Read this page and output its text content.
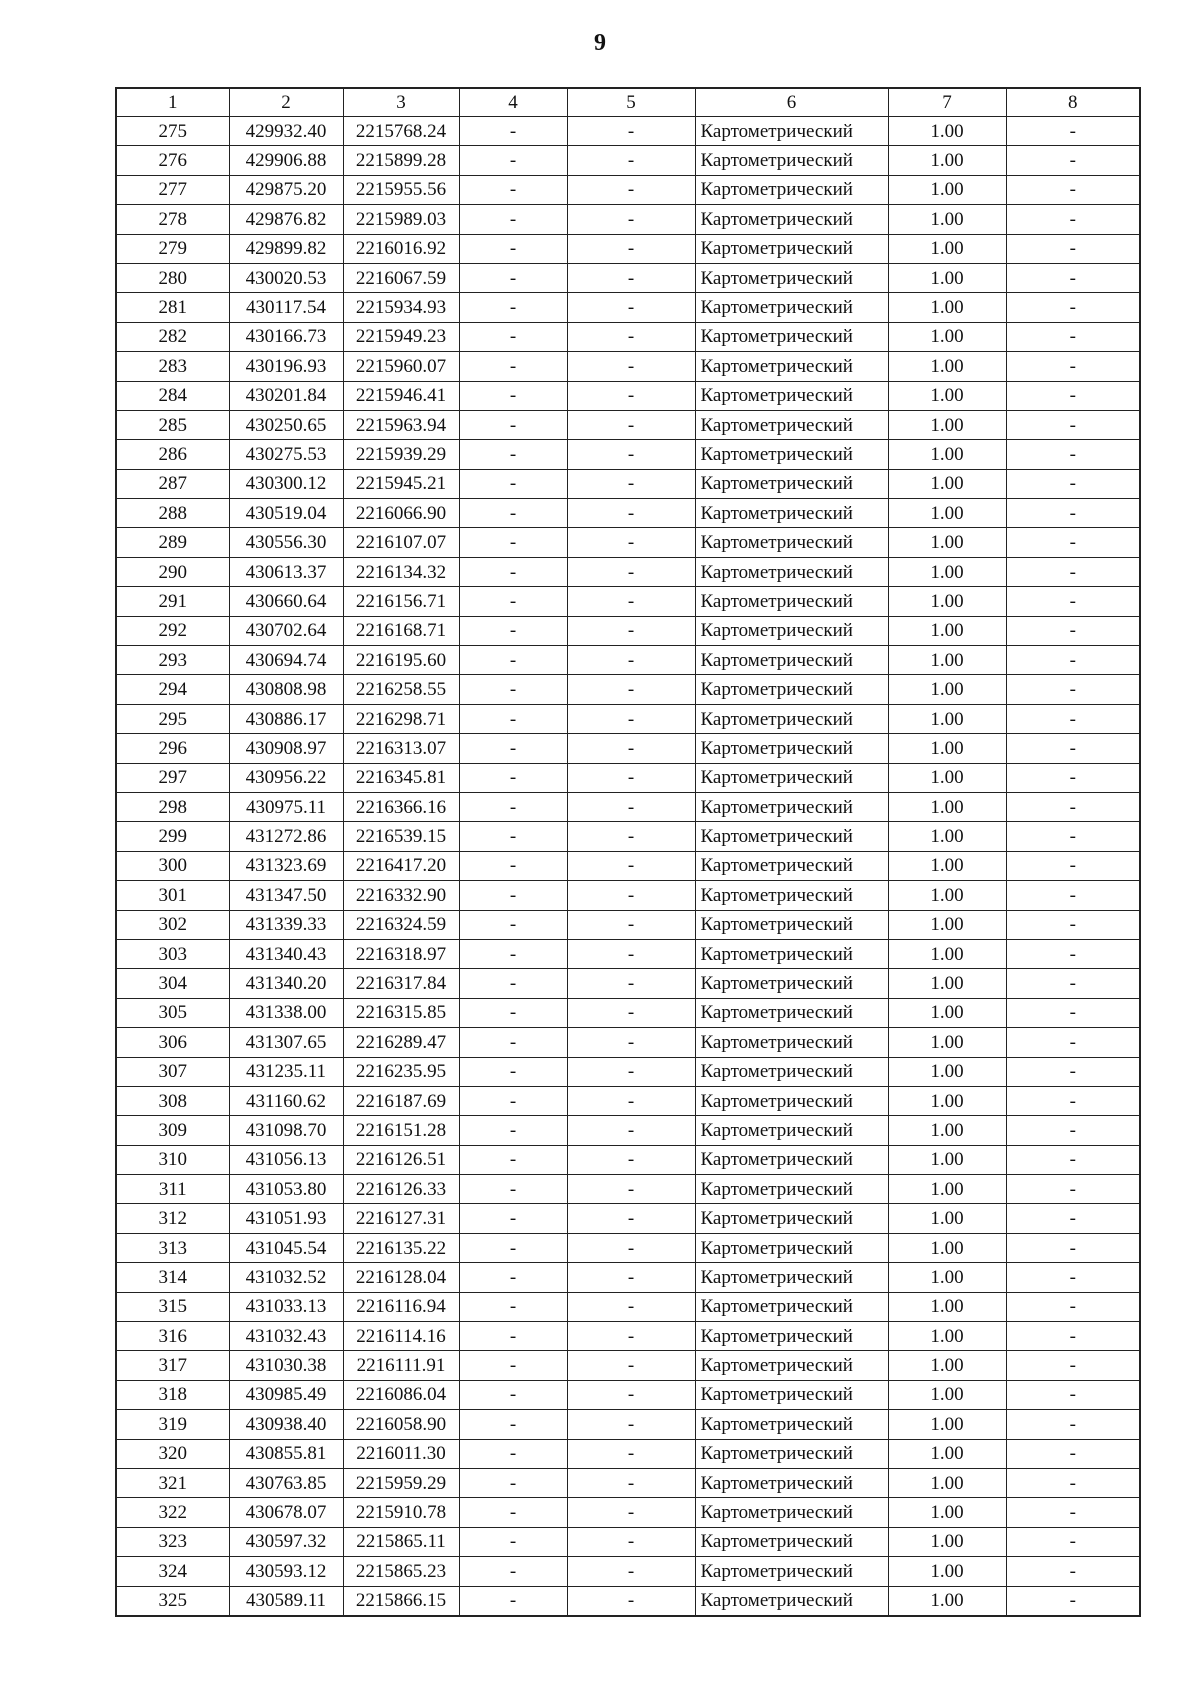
9
1	2	3	4	5	6	7	8
275	429932.40	2215768.24	-	-	Картометрический	1.00	-
276	429906.88	2215899.28	-	-	Картометрический	1.00	-
277	429875.20	2215955.56	-	-	Картометрический	1.00	-
278	429876.82	2215989.03	-	-	Картометрический	1.00	-
279	429899.82	2216016.92	-	-	Картометрический	1.00	-
280	430020.53	2216067.59	-	-	Картометрический	1.00	-
281	430117.54	2215934.93	-	-	Картометрический	1.00	-
282	430166.73	2215949.23	-	-	Картометрический	1.00	-
283	430196.93	2215960.07	-	-	Картометрический	1.00	-
284	430201.84	2215946.41	-	-	Картометрический	1.00	-
285	430250.65	2215963.94	-	-	Картометрический	1.00	-
286	430275.53	2215939.29	-	-	Картометрический	1.00	-
287	430300.12	2215945.21	-	-	Картометрический	1.00	-
288	430519.04	2216066.90	-	-	Картометрический	1.00	-
289	430556.30	2216107.07	-	-	Картометрический	1.00	-
290	430613.37	2216134.32	-	-	Картометрический	1.00	-
291	430660.64	2216156.71	-	-	Картометрический	1.00	-
292	430702.64	2216168.71	-	-	Картометрический	1.00	-
293	430694.74	2216195.60	-	-	Картометрический	1.00	-
294	430808.98	2216258.55	-	-	Картометрический	1.00	-
295	430886.17	2216298.71	-	-	Картометрический	1.00	-
296	430908.97	2216313.07	-	-	Картометрический	1.00	-
297	430956.22	2216345.81	-	-	Картометрический	1.00	-
298	430975.11	2216366.16	-	-	Картометрический	1.00	-
299	431272.86	2216539.15	-	-	Картометрический	1.00	-
300	431323.69	2216417.20	-	-	Картометрический	1.00	-
301	431347.50	2216332.90	-	-	Картометрический	1.00	-
302	431339.33	2216324.59	-	-	Картометрический	1.00	-
303	431340.43	2216318.97	-	-	Картометрический	1.00	-
304	431340.20	2216317.84	-	-	Картометрический	1.00	-
305	431338.00	2216315.85	-	-	Картометрический	1.00	-
306	431307.65	2216289.47	-	-	Картометрический	1.00	-
307	431235.11	2216235.95	-	-	Картометрический	1.00	-
308	431160.62	2216187.69	-	-	Картометрический	1.00	-
309	431098.70	2216151.28	-	-	Картометрический	1.00	-
310	431056.13	2216126.51	-	-	Картометрический	1.00	-
311	431053.80	2216126.33	-	-	Картометрический	1.00	-
312	431051.93	2216127.31	-	-	Картометрический	1.00	-
313	431045.54	2216135.22	-	-	Картометрический	1.00	-
314	431032.52	2216128.04	-	-	Картометрический	1.00	-
315	431033.13	2216116.94	-	-	Картометрический	1.00	-
316	431032.43	2216114.16	-	-	Картометрический	1.00	-
317	431030.38	2216111.91	-	-	Картометрический	1.00	-
318	430985.49	2216086.04	-	-	Картометрический	1.00	-
319	430938.40	2216058.90	-	-	Картометрический	1.00	-
320	430855.81	2216011.30	-	-	Картометрический	1.00	-
321	430763.85	2215959.29	-	-	Картометрический	1.00	-
322	430678.07	2215910.78	-	-	Картометрический	1.00	-
323	430597.32	2215865.11	-	-	Картометрический	1.00	-
324	430593.12	2215865.23	-	-	Картометрический	1.00	-
325	430589.11	2215866.15	-	-	Картометрический	1.00	-
